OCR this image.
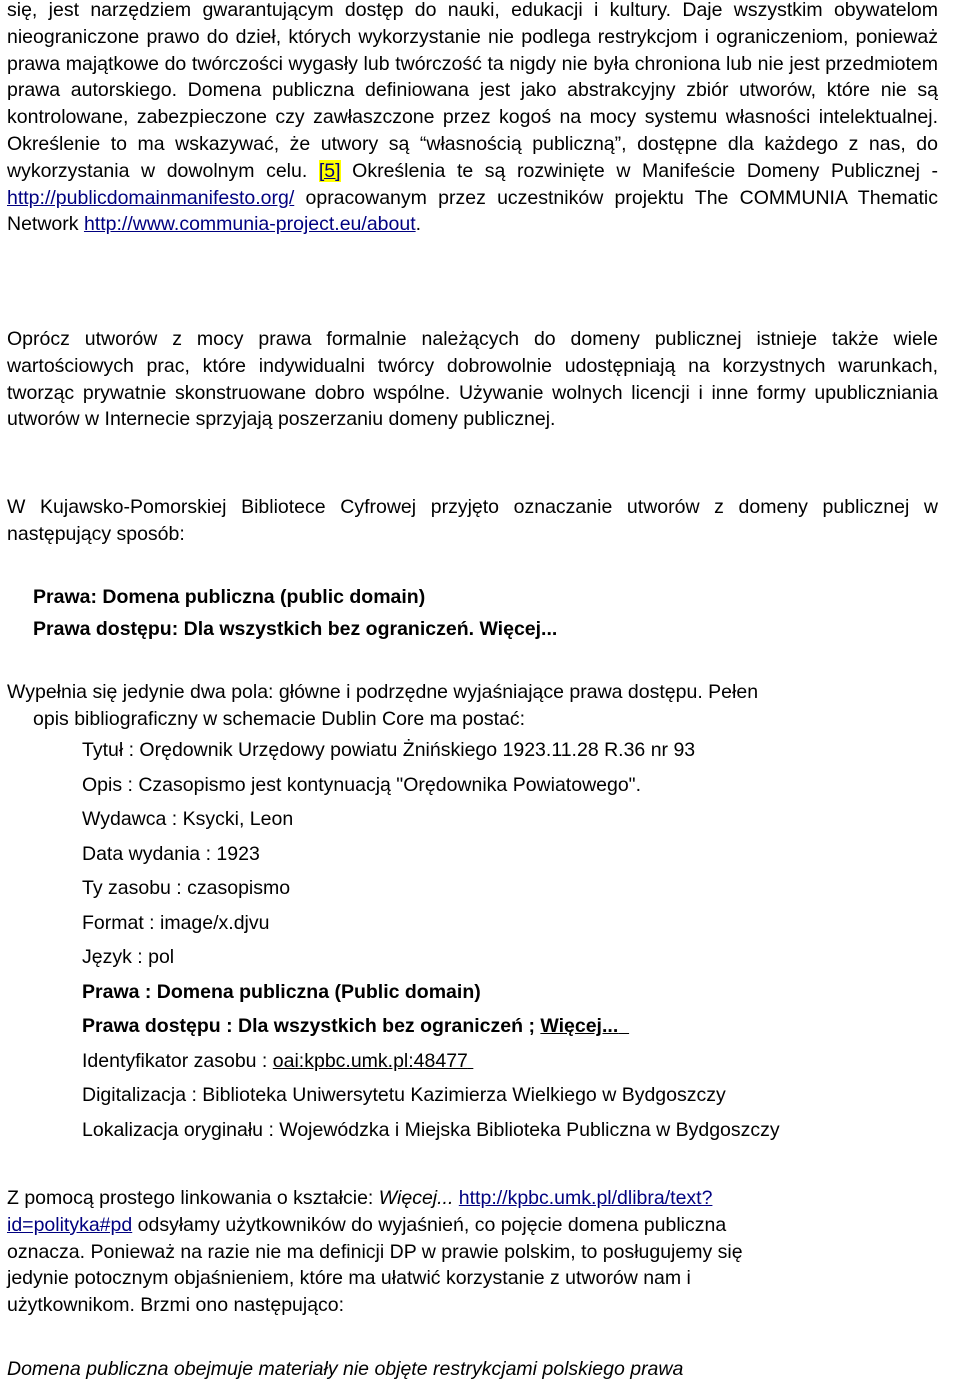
się, jest narzędziem gwarantującym dostęp do nauki, edukacji i kultury. Daje wszystkim obywatelom nieograniczone prawo do dzieł, których wykorzystanie nie podlega restrykcjom i ograniczeniom, ponieważ prawa majątkowe do twórczości wygasły lub twórczość ta nigdy nie była chroniona lub nie jest przedmiotem prawa autorskiego. Domena publiczna definiowana jest jako abstrakcyjny zbiór utworów, które nie są kontrolowane, zabezpieczone czy zawłaszczone przez kogoś na mocy systemu własności intelektualnej. Określenie to ma wskazywać, że utwory są “własnością publiczną”, dostępne dla każdego z nas, do wykorzystania w dowolnym celu. [5] Określenia te są rozwinięte w Manifeście Domeny Publicznej - http://publicdomainmanifesto.org/ opracowanym przez uczestników projektu The COMMUNIA Thematic Network http://www.communia-project.eu/about.

Oprócz utworów z mocy prawa formalnie należących do domeny publicznej istnieje także wiele wartościowych prac, które indywidualni twórcy dobrowolnie udostępniają na korzystnych warunkach, tworząc prywatnie skonstruowane dobro wspólne. Używanie wolnych licencji i inne formy upubliczniania utworów w Internecie sprzyjają poszerzaniu domeny publicznej.

W Kujawsko-Pomorskiej Bibliotece Cyfrowej przyjęto oznaczanie utworów z domeny publicznej w następujący sposób:

Prawa: Domena publiczna (public domain)

Prawa dostępu: Dla wszystkich bez ograniczeń. Więcej...

Wypełnia się jedynie dwa pola: główne i podrzędne wyjaśniające prawa dostępu. Pełen
opis bibliograficzny w schemacie Dublin Core ma postać:

Tytuł : Orędownik Urzędowy powiatu Żnińskiego 1923.11.28 R.36 nr 93

Opis : Czasopismo jest kontynuacją "Orędownika Powiatowego".

Wydawca : Ksycki, Leon

Data wydania : 1923

Ty zasobu : czasopismo

Format : image/x.djvu

Język : pol

Prawa : Domena publiczna (Public domain)

Prawa dostępu : Dla wszystkich bez ograniczeń ; Więcej...

Identyfikator zasobu : oai:kpbc.umk.pl:48477

Digitalizacja : Biblioteka Uniwersytetu Kazimierza Wielkiego w Bydgoszczy

Lokalizacja oryginału : Wojewódzka i Miejska Biblioteka Publiczna w Bydgoszczy

Z pomocą prostego linkowania o kształcie: Więcej... http://kpbc.umk.pl/dlibra/text?
id=polityka#pd odsyłamy użytkowników do wyjaśnień, co pojęcie domena publiczna
oznacza. Ponieważ na razie nie ma definicji DP w prawie polskim, to posługujemy się
jedynie potocznym objaśnieniem, które ma ułatwić korzystanie z utworów nam i
użytkownikom. Brzmi ono następująco:

Domena publiczna obejmuje materiały nie objęte restrykcjami polskiego prawa
